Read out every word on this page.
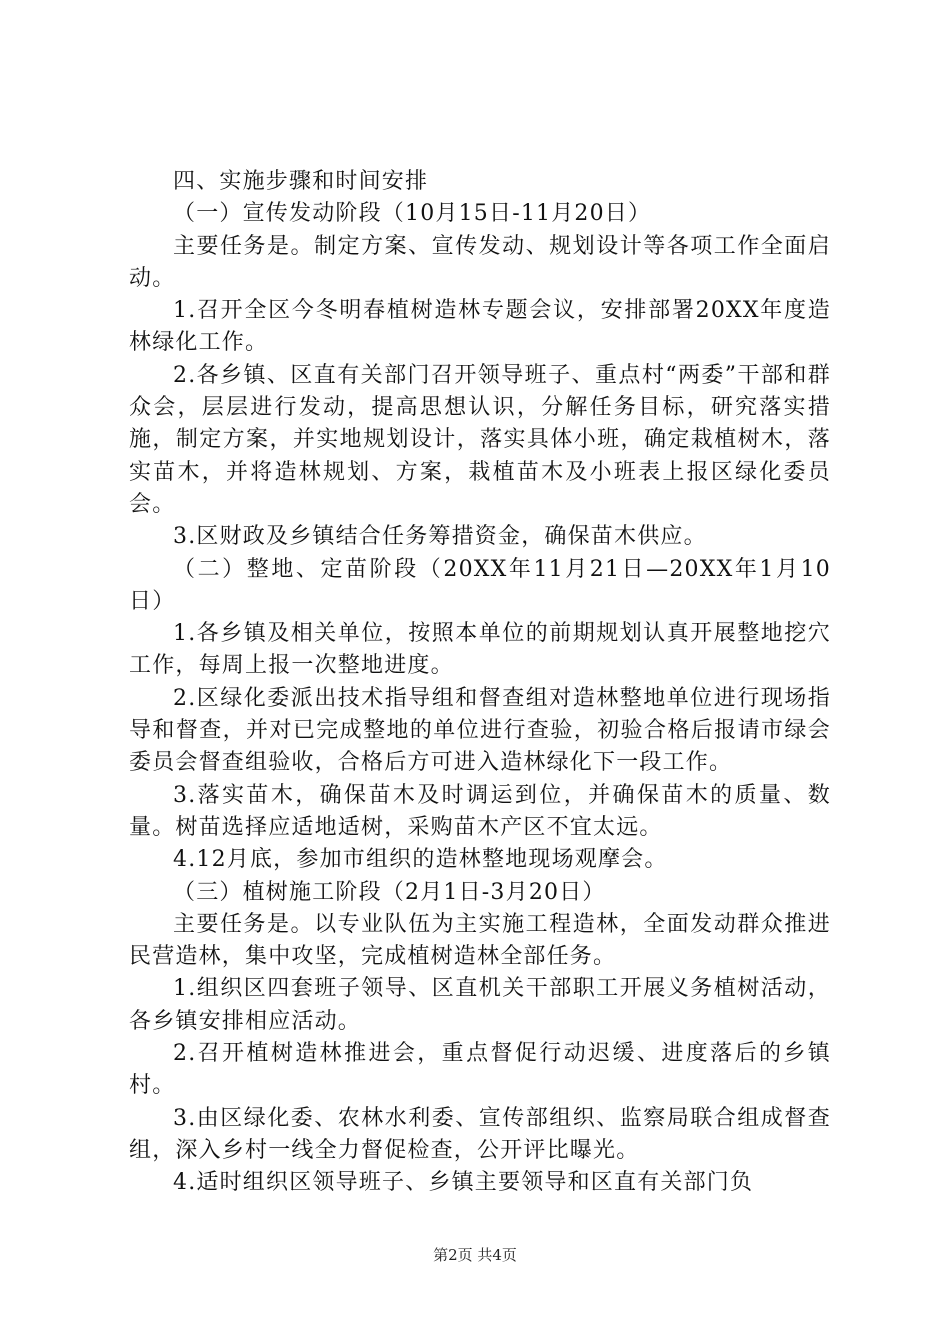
四、实施步骤和时间安排

（一）宣传发动阶段（10月15日-11月20日）

主要任务是。制定方案、宣传发动、规划设计等各项工作全面启动。

1.召开全区今冬明春植树造林专题会议，安排部署20XX年度造林绿化工作。

2.各乡镇、区直有关部门召开领导班子、重点村“两委”干部和群众会，层层进行发动，提高思想认识，分解任务目标，研究落实措施，制定方案，并实地规划设计，落实具体小班，确定栽植树木，落实苗木，并将造林规划、方案，栽植苗木及小班表上报区绿化委员会。

3.区财政及乡镇结合任务筹措资金，确保苗木供应。

（二）整地、定苗阶段（20XX年11月21日—20XX年1月10日）

1.各乡镇及相关单位，按照本单位的前期规划认真开展整地挖穴工作，每周上报一次整地进度。

2.区绿化委派出技术指导组和督查组对造林整地单位进行现场指导和督查，并对已完成整地的单位进行查验，初验合格后报请市绿会委员会督查组验收，合格后方可进入造林绿化下一段工作。

3.落实苗木，确保苗木及时调运到位，并确保苗木的质量、数量。树苗选择应适地适树，采购苗木产区不宜太远。

4.12月底，参加市组织的造林整地现场观摩会。

（三）植树施工阶段（2月1日-3月20日）

主要任务是。以专业队伍为主实施工程造林，全面发动群众推进民营造林，集中攻坚，完成植树造林全部任务。

1.组织区四套班子领导、区直机关干部职工开展义务植树活动，各乡镇安排相应活动。

2.召开植树造林推进会，重点督促行动迟缓、进度落后的乡镇村。

3.由区绿化委、农林水利委、宣传部组织、监察局联合组成督查组，深入乡村一线全力督促检查，公开评比曝光。

4.适时组织区领导班子、乡镇主要领导和区直有关部门负

第2页 共4页
